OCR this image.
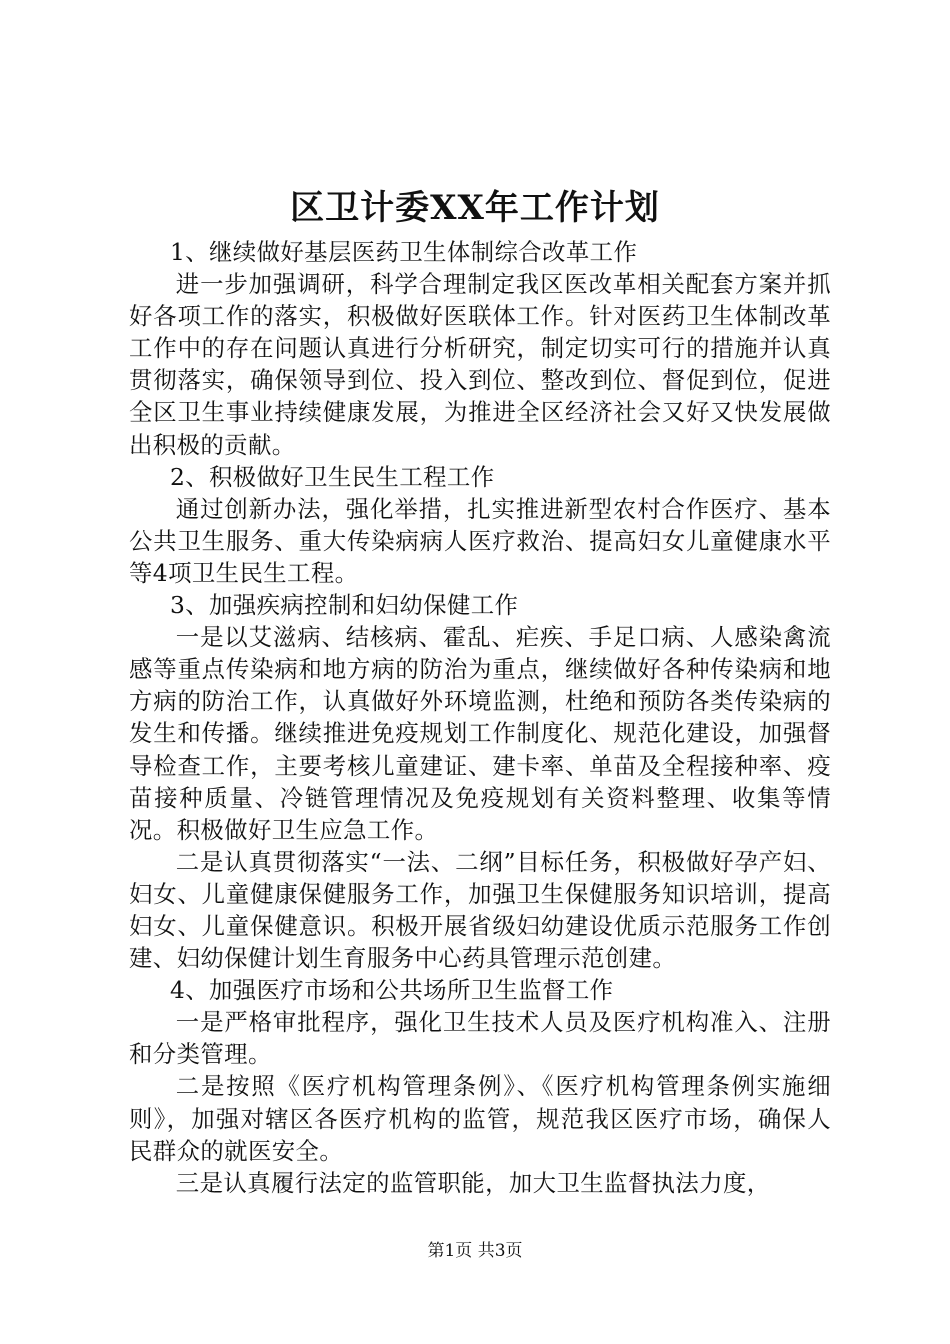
区卫计委XX年工作计划

1、继续做好基层医药卫生体制综合改革工作

进一步加强调研，科学合理制定我区医改革相关配套方案并抓好各项工作的落实，积极做好医联体工作。针对医药卫生体制改革工作中的存在问题认真进行分析研究，制定切实可行的措施并认真贯彻落实，确保领导到位、投入到位、整改到位、督促到位，促进全区卫生事业持续健康发展，为推进全区经济社会又好又快发展做出积极的贡献。

2、积极做好卫生民生工程工作

通过创新办法，强化举措，扎实推进新型农村合作医疗、基本公共卫生服务、重大传染病病人医疗救治、提高妇女儿童健康水平等4项卫生民生工程。

3、加强疾病控制和妇幼保健工作

一是以艾滋病、结核病、霍乱、疟疾、手足口病、人感染禽流感等重点传染病和地方病的防治为重点，继续做好各种传染病和地方病的防治工作，认真做好外环境监测，杜绝和预防各类传染病的发生和传播。继续推进免疫规划工作制度化、规范化建设，加强督导检查工作，主要考核儿童建证、建卡率、单苗及全程接种率、疫苗接种质量、冷链管理情况及免疫规划有关资料整理、收集等情况。积极做好卫生应急工作。

二是认真贯彻落实“一法、二纲”目标任务，积极做好孕产妇、妇女、儿童健康保健服务工作，加强卫生保健服务知识培训，提高妇女、儿童保健意识。积极开展省级妇幼建设优质示范服务工作创建、妇幼保健计划生育服务中心药具管理示范创建。

4、加强医疗市场和公共场所卫生监督工作

一是严格审批程序，强化卫生技术人员及医疗机构准入、注册和分类管理。

二是按照《医疗机构管理条例》、《医疗机构管理条例实施细则》，加强对辖区各医疗机构的监管，规范我区医疗市场，确保人民群众的就医安全。

三是认真履行法定的监管职能，加大卫生监督执法力度，

第1页 共3页
